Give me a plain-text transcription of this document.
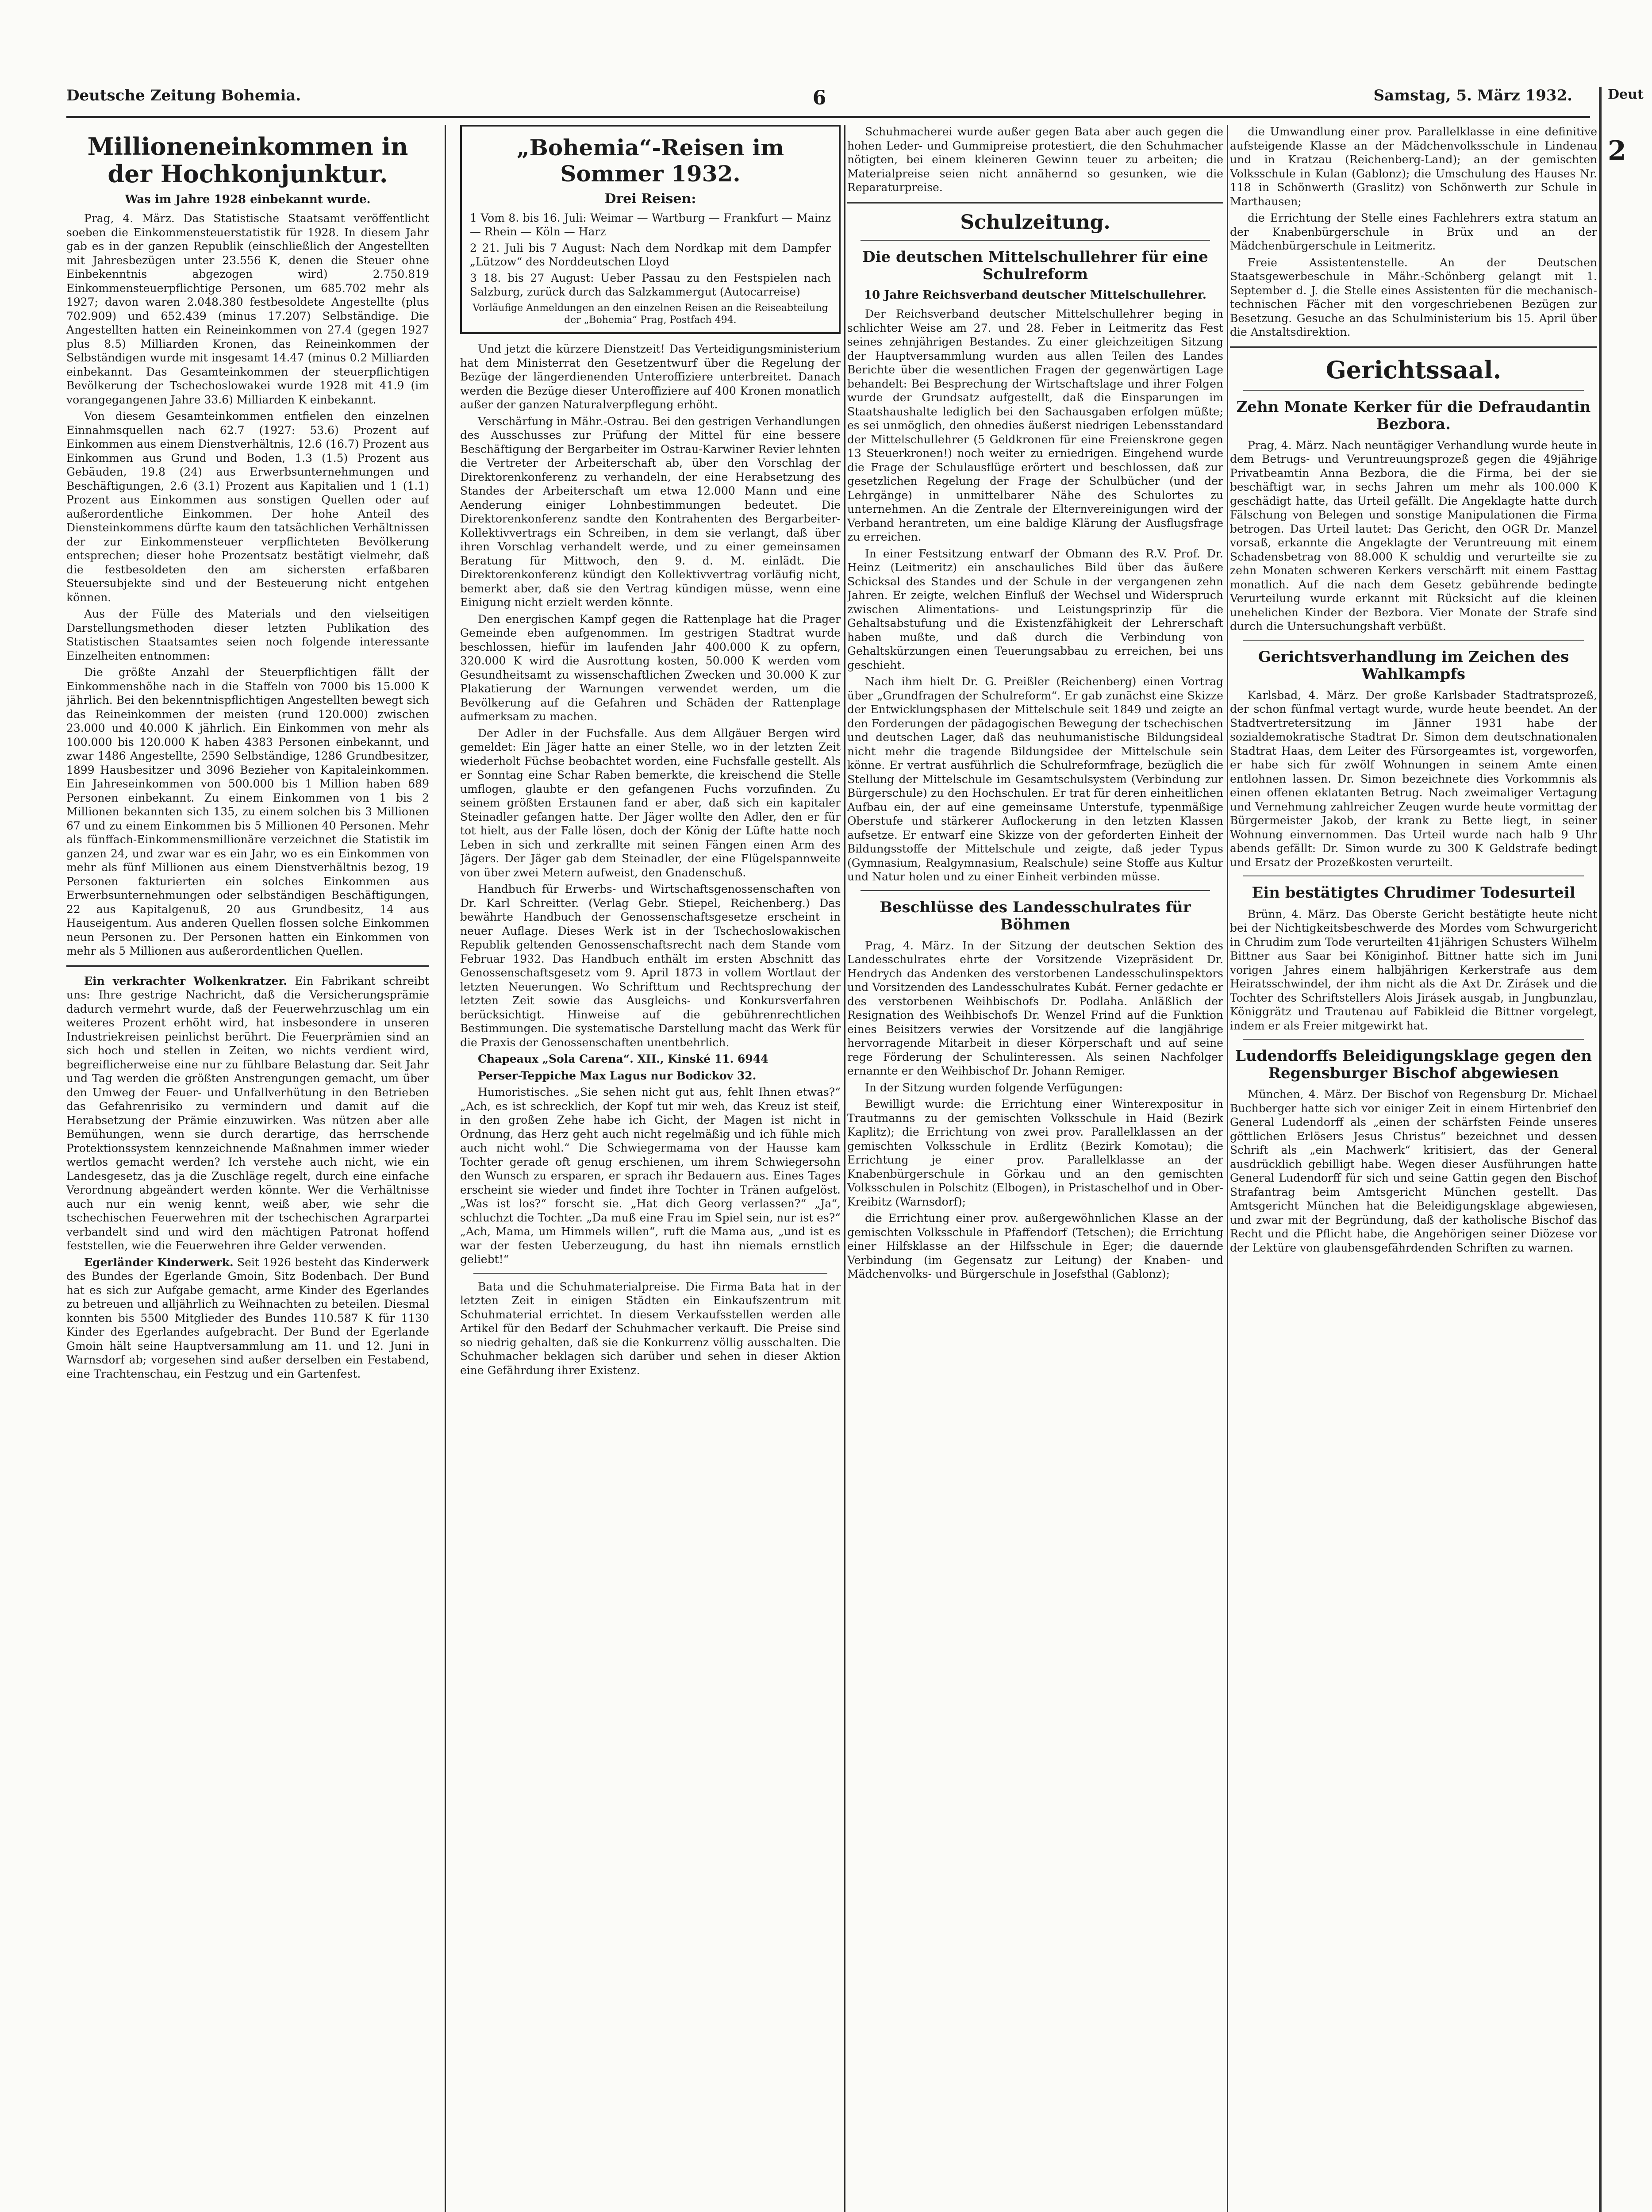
Deutsche Zeitung Bohemia.	6	Samstag, 5. März 1932.
Millioneneinkommen in der Hochkonjunktur.
Was im Jahre 1928 einbekannt wurde.

Prag, 4. März. Das Statistische Staatsamt veröffentlicht soeben die Einkommensteuerstatistik für 1928. In diesem Jahr gab es in der ganzen Republik (einschließlich der Angestellten mit Jahresbezügen unter 23.556 K, denen die Steuer ohne Einbekenntnis abgezogen wird) 2.750.819 Einkommensteuerpflichtige Personen, um 685.702 mehr als 1927; davon waren 2.048.380 festbesoldete Angestellte (plus 702.909) und 652.439 (minus 17.207) Selbständige. Die Angestellten hatten ein Reineinkommen von 27.4 (gegen 1927 plus 8.5) Milliarden Kronen, das Reineinkommen der Selbständigen wurde mit insgesamt 14.47 (minus 0.2 Milliarden einbekannt. Das Gesamteinkommen der steuerpflichtigen Bevölkerung der Tschechoslowakei wurde 1928 mit 41.9 (im vorangegangenen Jahre 33.6) Milliarden K einbekannt.

Von diesem Gesamteinkommen entfielen den einzelnen Einnahmsquellen nach 62.7 (1927: 53.6) Prozent auf Einkommen aus einem Dienstverhältnis, 12.6 (16.7) Prozent aus Einkommen aus Grund und Boden, 1.3 (1.5) Prozent aus Gebäuden, 19.8 (24) aus Erwerbsunternehmungen und Beschäftigungen, 2.6 (3.1) Prozent aus Kapitalien und 1 (1.1) Prozent aus Einkommen aus sonstigen Quellen oder auf außerordentliche Einkommen. Der hohe Anteil des Diensteinkommens dürfte kaum den tatsächlichen Verhältnissen der zur Einkommensteuer verpflichteten Bevölkerung entsprechen; dieser hohe Prozentsatz bestätigt vielmehr, daß die festbesoldeten den am sichersten erfaßbaren Steuersubjekte sind und der Besteuerung nicht entgehen können.

Aus der Fülle des Materials und den vielseitigen Darstellungsmethoden dieser letzten Publikation des Statistischen Staatsamtes seien noch folgende interessante Einzelheiten entnommen:

Die größte Anzahl der Steuerpflichtigen fällt der Einkommenshöhe nach in die Staffeln von 7000 bis 15.000 K jährlich. Bei den bekenntnispflichtigen Angestellten bewegt sich das Reineinkommen der meisten (rund 120.000) zwischen 23.000 und 40.000 K jährlich. Ein Einkommen von mehr als 100.000 bis 120.000 K haben 4383 Personen einbekannt, und zwar 1486 Angestellte, 2590 Selbständige, 1286 Grundbesitzer, 1899 Hausbesitzer und 3096 Bezieher von Kapitaleinkommen. Ein Jahreseinkommen von 500.000 bis 1 Million haben 689 Personen einbekannt. Zu einem Einkommen von 1 bis 2 Millionen bekannten sich 135, zu einem solchen bis 3 Millionen 67 und zu einem Einkommen bis 5 Millionen 40 Personen. Mehr als fünffach-Einkommensmillionäre verzeichnet die Statistik im ganzen 24, und zwar war es ein Jahr, wo es ein Einkommen von mehr als fünf Millionen aus einem Dienstverhältnis bezog, 19 Personen fakturierten ein solches Einkommen aus Erwerbsunternehmungen oder selbständigen Beschäftigungen, 22 aus Kapitalgenuß, 20 aus Grundbesitz, 14 aus Hauseigentum. Aus anderen Quellen flossen solche Einkommen neun Personen zu. Der Personen hatten ein Einkommen von mehr als 5 Millionen aus außerordentlichen Quellen.

Ein verkrachter Wolkenkratzer. Ein Fabrikant schreibt uns: Ihre gestrige Nachricht, daß die Versicherungsprämie dadurch vermehrt wurde, daß der Feuerwehrzuschlag um ein weiteres Prozent erhöht wird, hat insbesondere in unseren Industriekreisen peinlichst berührt. Die Feuerprämien sind an sich hoch und stellen in Zeiten, wo nichts verdient wird, begreiflicherweise eine nur zu fühlbare Belastung dar. Seit Jahr und Tag werden die größten Anstrengungen gemacht, um über den Umweg der Feuer- und Unfallverhütung in den Betrieben das Gefahrenrisiko zu vermindern und damit auf die Herabsetzung der Prämie einzuwirken. Was nützen aber alle Bemühungen, wenn sie durch derartige, das herrschende Protektionssystem kennzeichnende Maßnahmen immer wieder wertlos gemacht werden? Ich verstehe auch nicht, wie ein Landesgesetz, das ja die Zuschläge regelt, durch eine einfache Verordnung abgeändert werden könnte. Wer die Verhältnisse auch nur ein wenig kennt, weiß aber, wie sehr die tschechischen Feuerwehren mit der tschechischen Agrarpartei verbandelt sind und wird den mächtigen Patronat hoffend feststellen, wie die Feuerwehren ihre Gelder verwenden.

Egerländer Kinderwerk. Seit 1926 besteht das Kinderwerk des Bundes der Egerlande Gmoin, Sitz Bodenbach. Der Bund hat es sich zur Aufgabe gemacht, arme Kinder des Egerlandes zu betreuen und alljährlich zu Weihnachten zu beteilen. Diesmal konnten bis 5500 Mitglieder des Bundes 110.587 K für 1130 Kinder des Egerlandes aufgebracht. Der Bund der Egerlande Gmoin hält seine Hauptversammlung am 11. und 12. Juni in Warnsdorf ab; vorgesehen sind außer derselben ein Festabend, eine Trachtenschau, ein Festzug und ein Gartenfest.

„Bohemia“-Reisen im Sommer 1932.
Drei Reisen:
1 Vom 8. bis 16. Juli: Weimar — Wartburg — Frankfurt — Mainz — Rhein — Köln — Harz
2 21. Juli bis 7 August: Nach dem Nordkap mit dem Dampfer „Lützow“ des Norddeutschen Lloyd
3 18. bis 27 August: Ueber Passau zu den Festspielen nach Salzburg, zurück durch das Salzkammergut (Autocarreise)
Vorläufige Anmeldungen an den einzelnen Reisen an die Reiseabteilung der „Bohemia“ Prag, Postfach 494.

Und jetzt die kürzere Dienstzeit! Das Verteidigungsministerium hat dem Ministerrat den Gesetzentwurf über die Regelung der Bezüge der längerdienenden Unteroffiziere unterbreitet. Danach werden die Bezüge dieser Unteroffiziere auf 400 Kronen monatlich außer der ganzen Naturalverpflegung erhöht.

Verschärfung in Mähr.-Ostrau. Bei den gestrigen Verhandlungen des Ausschusses zur Prüfung der Mittel für eine bessere Beschäftigung der Bergarbeiter im Ostrau-Karwiner Revier lehnten die Vertreter der Arbeiterschaft ab, über den Vorschlag der Direktorenkonferenz zu verhandeln, der eine Herabsetzung des Standes der Arbeiterschaft um etwa 12.000 Mann und eine Aenderung einiger Lohnbestimmungen bedeutet. Die Direktorenkonferenz sandte den Kontrahenten des Bergarbeiter-Kollektivvertrags ein Schreiben, in dem sie verlangt, daß über ihren Vorschlag verhandelt werde, und zu einer gemeinsamen Beratung für Mittwoch, den 9. d. M. einlädt. Die Direktorenkonferenz kündigt den Kollektivvertrag vorläufig nicht, bemerkt aber, daß sie den Vertrag kündigen müsse, wenn eine Einigung nicht erzielt werden könnte.

Den energischen Kampf gegen die Rattenplage hat die Prager Gemeinde eben aufgenommen. Im gestrigen Stadtrat wurde beschlossen, hiefür im laufenden Jahr 400.000 K zu opfern, 320.000 K wird die Ausrottung kosten, 50.000 K werden vom Gesundheitsamt zu wissenschaftlichen Zwecken und 30.000 K zur Plakatierung der Warnungen verwendet werden, um die Bevölkerung auf die Gefahren und Schäden der Rattenplage aufmerksam zu machen.

Der Adler in der Fuchsfalle. Aus dem Allgäuer Bergen wird gemeldet: Ein Jäger hatte an einer Stelle, wo in der letzten Zeit wiederholt Füchse beobachtet worden, eine Fuchsfalle gestellt. Als er Sonntag eine Schar Raben bemerkte, die kreischend die Stelle umflogen, glaubte er den gefangenen Fuchs vorzufinden. Zu seinem größten Erstaunen fand er aber, daß sich ein kapitaler Steinadler gefangen hatte. Der Jäger wollte den Adler, den er für tot hielt, aus der Falle lösen, doch der König der Lüfte hatte noch Leben in sich und zerkrallte mit seinen Fängen einen Arm des Jägers. Der Jäger gab dem Steinadler, der eine Flügelspannweite von über zwei Metern aufweist, den Gnadenschuß.

Handbuch für Erwerbs- und Wirtschaftsgenossenschaften von Dr. Karl Schreitter. (Verlag Gebr. Stiepel, Reichenberg.) Das bewährte Handbuch der Genossenschaftsgesetze erscheint in neuer Auflage. Dieses Werk ist in der Tschechoslowakischen Republik geltenden Genossenschaftsrecht nach dem Stande vom Februar 1932. Das Handbuch enthält im ersten Abschnitt das Genossenschaftsgesetz vom 9. April 1873 in vollem Wortlaut der letzten Neuerungen. Wo Schrifttum und Rechtsprechung der letzten Zeit sowie das Ausgleichs- und Konkursverfahren berücksichtigt. Hinweise auf die gebührenrechtlichen Bestimmungen. Die systematische Darstellung macht das Werk für die Praxis der Genossenschaften unentbehrlich.

Chapeaux „Sola Carena“. XII., Kinské 11. 6944

Perser-Teppiche Max Lagus nur Bodickov 32.

Humoristisches. „Sie sehen nicht gut aus, fehlt Ihnen etwas?“ „Ach, es ist schrecklich, der Kopf tut mir weh, das Kreuz ist steif, in den großen Zehe habe ich Gicht, der Magen ist nicht in Ordnung, das Herz geht auch nicht regelmäßig und ich fühle mich auch nicht wohl.“ Die Schwiegermama von der Hausse kam Tochter gerade oft genug erschienen, um ihrem Schwiegersohn den Wunsch zu ersparen, er sprach ihr Bedauern aus. Eines Tages erscheint sie wieder und findet ihre Tochter in Tränen aufgelöst. „Was ist los?“ forscht sie. „Hat dich Georg verlassen?“ „Ja“, schluchzt die Tochter. „Da muß eine Frau im Spiel sein, nur ist es?“ „Ach, Mama, um Himmels willen“, ruft die Mama aus, „und ist es war der festen Ueberzeugung, du hast ihn niemals ernstlich geliebt!“

Bata und die Schuhmaterialpreise. Die Firma Bata hat in der letzten Zeit in einigen Städten ein Einkaufszentrum mit Schuhmaterial errichtet. In diesem Verkaufsstellen werden alle Artikel für den Bedarf der Schuhmacher verkauft. Die Preise sind so niedrig gehalten, daß sie die Konkurrenz völlig ausschalten. Die Schuhmacher beklagen sich darüber und sehen in dieser Aktion eine Gefährdung ihrer Existenz.

Schuhmacherei wurde außer gegen Bata aber auch gegen die hohen Leder- und Gummipreise protestiert, die den Schuhmacher nötigten, bei einem kleineren Gewinn teuer zu arbeiten; die Materialpreise seien nicht annähernd so gesunken, wie die Reparaturpreise.

Schulzeitung.
Die deutschen Mittelschullehrer für eine Schulreform
10 Jahre Reichsverband deutscher Mittelschullehrer.

Der Reichsverband deutscher Mittelschullehrer beging in schlichter Weise am 27. und 28. Feber in Leitmeritz das Fest seines zehnjährigen Bestandes. Zu einer gleichzeitigen Sitzung der Hauptversammlung wurden aus allen Teilen des Landes Berichte über die wesentlichen Fragen der gegenwärtigen Lage behandelt: Bei Besprechung der Wirtschaftslage und ihrer Folgen wurde der Grundsatz aufgestellt, daß die Einsparungen im Staatshaushalte lediglich bei den Sachausgaben erfolgen müßte; es sei unmöglich, den ohnedies äußerst niedrigen Lebensstandard der Mittelschullehrer (5 Geldkronen für eine Freienskrone gegen 13 Steuerkronen!) noch weiter zu erniedrigen. Eingehend wurde die Frage der Schulausflüge erörtert und beschlossen, daß zur gesetzlichen Regelung der Frage der Schulbücher (und der Lehrgänge) in unmittelbarer Nähe des Schulortes zu unternehmen. An die Zentrale der Elternvereinigungen wird der Verband herantreten, um eine baldige Klärung der Ausflugsfrage zu erreichen.

In einer Festsitzung entwarf der Obmann des R.V. Prof. Dr. Heinz (Leitmeritz) ein anschauliches Bild über das äußere Schicksal des Standes und der Schule in der vergangenen zehn Jahren. Er zeigte, welchen Einfluß der Wechsel und Widerspruch zwischen Alimentations- und Leistungsprinzip für die Gehaltsabstufung und die Existenzfähigkeit der Lehrerschaft haben mußte, und daß durch die Verbindung von Gehaltskürzungen einen Teuerungsabbau zu erreichen, bei uns geschieht.

Nach ihm hielt Dr. G. Preißler (Reichenberg) einen Vortrag über „Grundfragen der Schulreform“. Er gab zunächst eine Skizze der Entwicklungsphasen der Mittelschule seit 1849 und zeigte an den Forderungen der pädagogischen Bewegung der tschechischen und deutschen Lager, daß das neuhumanistische Bildungsideal nicht mehr die tragende Bildungsidee der Mittelschule sein könne. Er vertrat ausführlich die Schulreformfrage, bezüglich die Stellung der Mittelschule im Gesamtschulsystem (Verbindung zur Bürgerschule) zu den Hochschulen. Er trat für deren einheitlichen Aufbau ein, der auf eine gemeinsame Unterstufe, typenmäßige Oberstufe und stärkerer Auflockerung in den letzten Klassen aufsetze. Er entwarf eine Skizze von der geforderten Einheit der Bildungsstoffe der Mittelschule und zeigte, daß jeder Typus (Gymnasium, Realgymnasium, Realschule) seine Stoffe aus Kultur und Natur holen und zu einer Einheit verbinden müsse.

Beschlüsse des Landesschulrates für Böhmen

Prag, 4. März. In der Sitzung der deutschen Sektion des Landesschulrates ehrte der Vorsitzende Vizepräsident Dr. Hendrych das Andenken des verstorbenen Landesschulinspektors und Vorsitzenden des Landesschulrates Kubát. Ferner gedachte er des verstorbenen Weihbischofs Dr. Podlaha. Anläßlich der Resignation des Weihbischofs Dr. Wenzel Frind auf die Funktion eines Beisitzers verwies der Vorsitzende auf die langjährige hervorragende Mitarbeit in dieser Körperschaft und auf seine rege Förderung der Schulinteressen. Als seinen Nachfolger ernannte er den Weihbischof Dr. Johann Remiger.

In der Sitzung wurden folgende Verfügungen:

Bewilligt wurde: die Errichtung einer Winterexpositur in Trautmanns zu der gemischten Volksschule in Haid (Bezirk Kaplitz); die Errichtung von zwei prov. Parallelklassen an der gemischten Volksschule in Erdlitz (Bezirk Komotau); die Errichtung je einer prov. Parallelklasse an der Knabenbürgerschule in Görkau und an den gemischten Volksschulen in Polschitz (Elbogen), in Pristaschelhof und in Ober-Kreibitz (Warnsdorf);

die Errichtung einer prov. außergewöhnlichen Klasse an der gemischten Volksschule in Pfaffendorf (Tetschen); die Errichtung einer Hilfsklasse an der Hilfsschule in Eger; die dauernde Verbindung (im Gegensatz zur Leitung) der Knaben- und Mädchenvolks- und Bürgerschule in Josefsthal (Gablonz);

die Umwandlung einer prov. Parallelklasse in eine definitive aufsteigende Klasse an der Mädchenvolksschule in Lindenau und in Kratzau (Reichenberg-Land); an der gemischten Volksschule in Kulan (Gablonz); die Umschulung des Hauses Nr. 118 in Schönwerth (Graslitz) von Schönwerth zur Schule in Marthausen;

die Errichtung der Stelle eines Fachlehrers extra statum an der Knabenbürgerschule in Brüx und an der Mädchenbürgerschule in Leitmeritz.

Freie Assistentenstelle. An der Deutschen Staatsgewerbeschule in Mähr.-Schönberg gelangt mit 1. September d. J. die Stelle eines Assistenten für die mechanisch-technischen Fächer mit den vorgeschriebenen Bezügen zur Besetzung. Gesuche an das Schulministerium bis 15. April über die Anstaltsdirektion.

Gerichtssaal.
Zehn Monate Kerker für die Defraudantin Bezbora.

Prag, 4. März. Nach neuntägiger Verhandlung wurde heute in dem Betrugs- und Veruntreuungsprozeß gegen die 49jährige Privatbeamtin Anna Bezbora, die die Firma, bei der sie beschäftigt war, in sechs Jahren um mehr als 100.000 K geschädigt hatte, das Urteil gefällt. Die Angeklagte hatte durch Fälschung von Belegen und sonstige Manipulationen die Firma betrogen. Das Urteil lautet: Das Gericht, den OGR Dr. Manzel vorsaß, erkannte die Angeklagte der Veruntreuung mit einem Schadensbetrag von 88.000 K schuldig und verurteilte sie zu zehn Monaten schweren Kerkers verschärft mit einem Fasttag monatlich. Auf die nach dem Gesetz gebührende bedingte Verurteilung wurde erkannt mit Rücksicht auf die kleinen unehelichen Kinder der Bezbora. Vier Monate der Strafe sind durch die Untersuchungshaft verbüßt.

Gerichtsverhandlung im Zeichen des Wahlkampfs

Karlsbad, 4. März. Der große Karlsbader Stadtratsprozeß, der schon fünfmal vertagt wurde, wurde heute beendet. An der Stadtvertretersitzung im Jänner 1931 habe der sozialdemokratische Stadtrat Dr. Simon dem deutschnationalen Stadtrat Haas, dem Leiter des Fürsorgeamtes ist, vorgeworfen, er habe sich für zwölf Wohnungen in seinem Amte einen entlohnen lassen. Dr. Simon bezeichnete dies Vorkommnis als einen offenen eklatanten Betrug. Nach zweimaliger Vertagung und Vernehmung zahlreicher Zeugen wurde heute vormittag der Bürgermeister Jakob, der krank zu Bette liegt, in seiner Wohnung einvernommen. Das Urteil wurde nach halb 9 Uhr abends gefällt: Dr. Simon wurde zu 300 K Geldstrafe bedingt und Ersatz der Prozeßkosten verurteilt.

Ein bestätigtes Chrudimer Todesurteil

Brünn, 4. März. Das Oberste Gericht bestätigte heute nicht bei der Nichtigkeitsbeschwerde des Mordes vom Schwurgericht in Chrudim zum Tode verurteilten 41jährigen Schusters Wilhelm Bittner aus Saar bei Königinhof. Bittner hatte sich im Juni vorigen Jahres einem halbjährigen Kerkerstrafe aus dem Heiratsschwindel, der ihm nicht als die Axt Dr. Zirásek und die Tochter des Schriftstellers Alois Jirásek ausgab, in Jungbunzlau, Königgrätz und Trautenau auf Fabikleid die Bittner vorgelegt, indem er als Freier mitgewirkt hat.

Ludendorffs Beleidigungsklage gegen den Regensburger Bischof abgewiesen

München, 4. März. Der Bischof von Regensburg Dr. Michael Buchberger hatte sich vor einiger Zeit in einem Hirtenbrief den General Ludendorff als „einen der schärfsten Feinde unseres göttlichen Erlösers Jesus Christus“ bezeichnet und dessen Schrift als „ein Machwerk“ kritisiert, das der General ausdrücklich gebilligt habe. Wegen dieser Ausführungen hatte General Ludendorff für sich und seine Gattin gegen den Bischof Strafantrag beim Amtsgericht München gestellt. Das Amtsgericht München hat die Beleidigungsklage abgewiesen, und zwar mit der Begründung, daß der katholische Bischof das Recht und die Pflicht habe, die Angehörigen seiner Diözese vor der Lektüre von glaubensgefährdenden Schriften zu warnen.

Deut
2
